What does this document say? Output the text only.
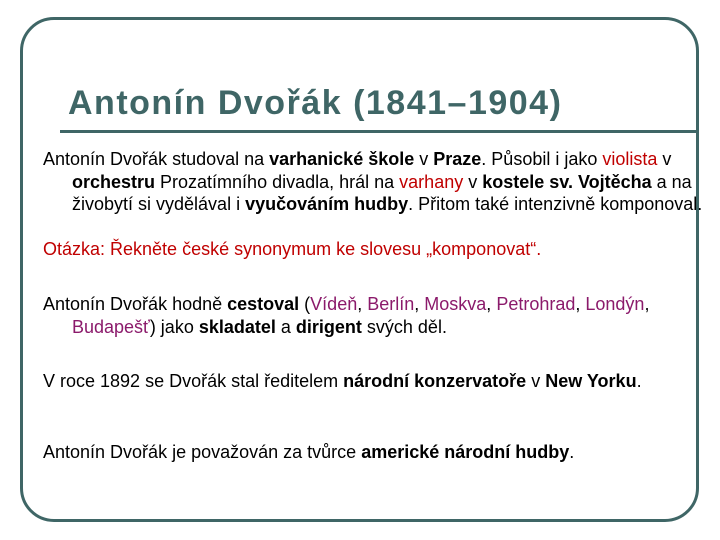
Antonín Dvořák (1841–1904)

Antonín Dvořák studoval na varhanické škole v Praze. Působil i jako violista v orchestru Prozatímního divadla, hrál na varhany v kostele sv. Vojtěcha a na živobytí si vydělával i vyučováním hudby. Přitom také intenzivně komponoval.

Otázka: Řekněte české synonymum ke slovesu „komponovat“.

Antonín Dvořák hodně cestoval (Vídeň, Berlín, Moskva, Petrohrad, Londýn, Budapešť) jako skladatel a dirigent svých děl.

V roce 1892 se Dvořák stal ředitelem národní konzervatoře v New Yorku.

Antonín Dvořák je považován za tvůrce americké národní hudby.
